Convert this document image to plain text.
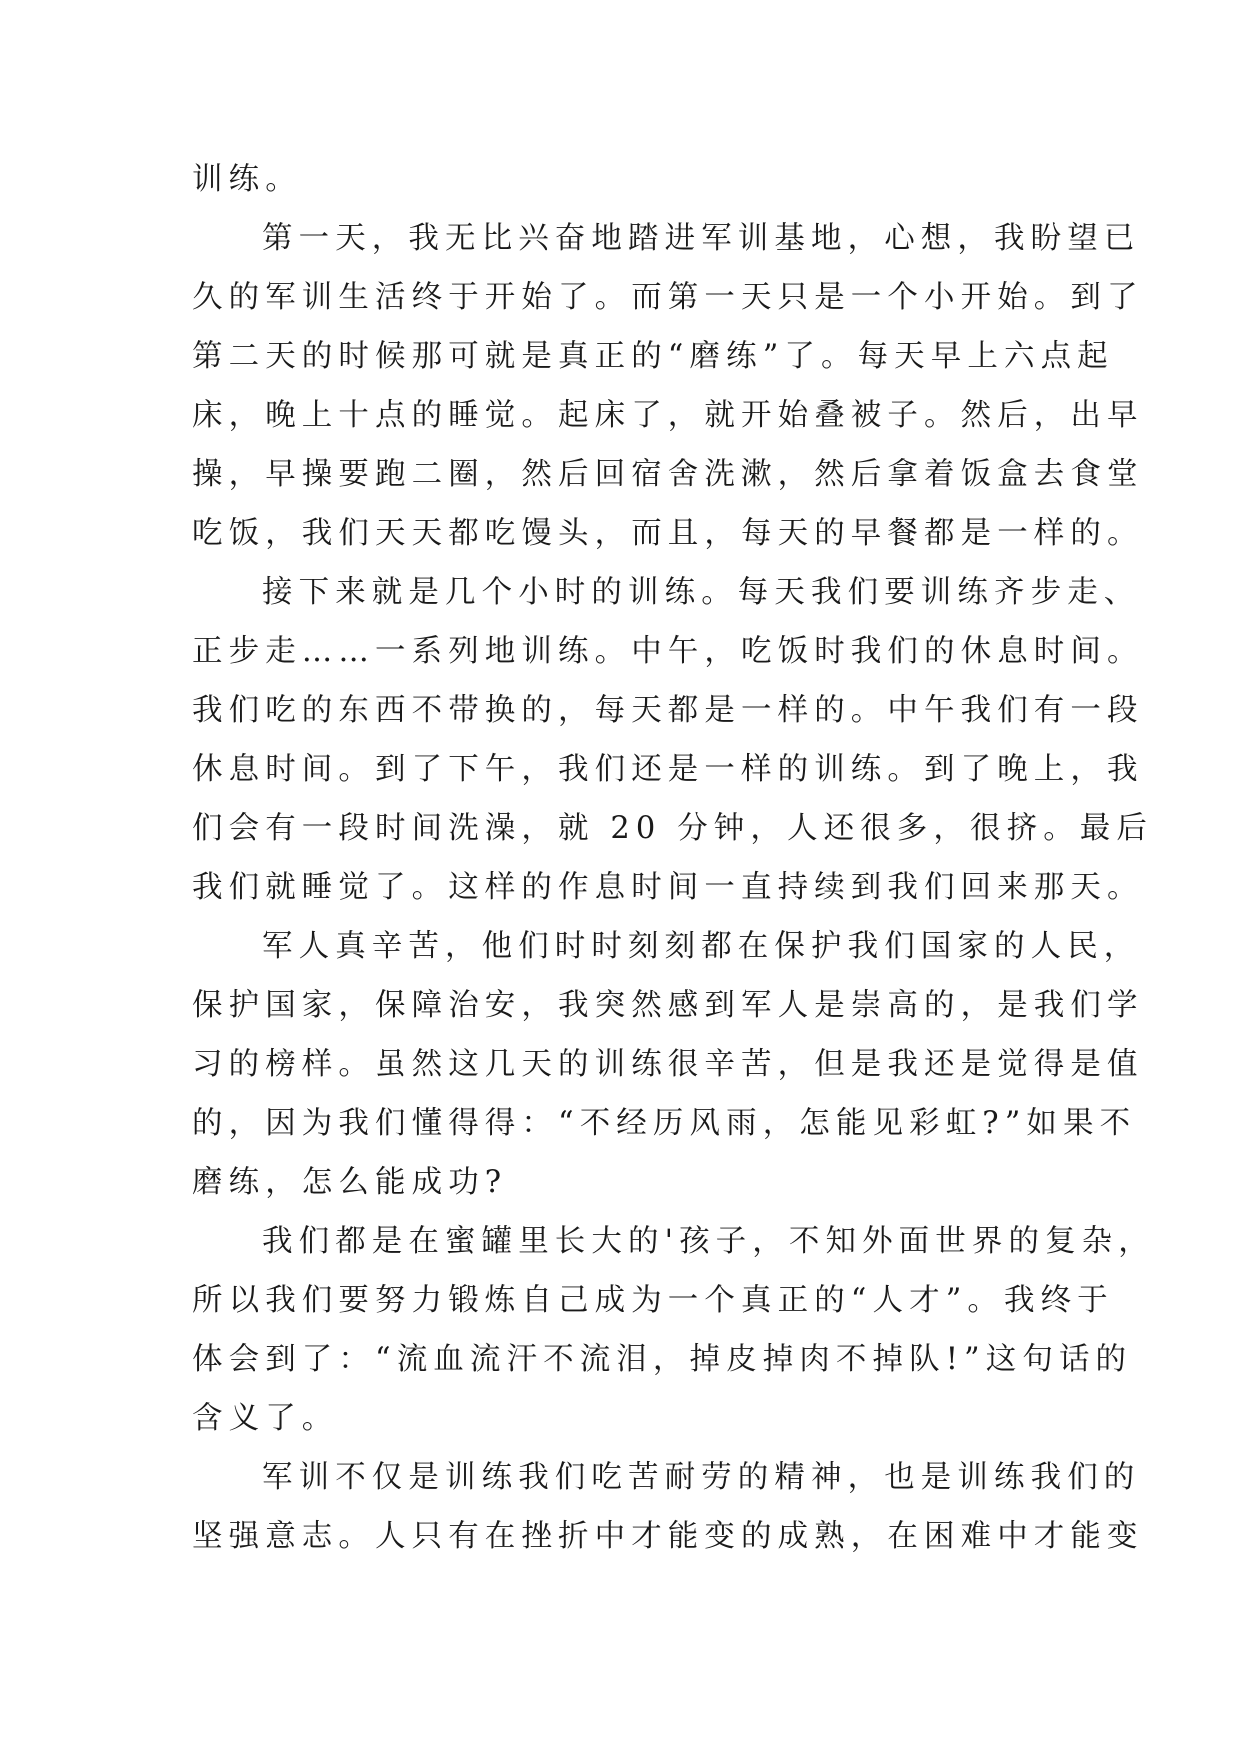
训练。
第一天，我无比兴奋地踏进军训基地，心想，我盼望已
久的军训生活终于开始了。而第一天只是一个小开始。到了
第二天的时候那可就是真正的“磨练”了。每天早上六点起
床，晚上十点的睡觉。起床了，就开始叠被子。然后，出早
操，早操要跑二圈，然后回宿舍洗漱，然后拿着饭盒去食堂
吃饭，我们天天都吃馒头，而且，每天的早餐都是一样的。
接下来就是几个小时的训练。每天我们要训练齐步走、
正步走……一系列地训练。中午，吃饭时我们的休息时间。
我们吃的东西不带换的，每天都是一样的。中午我们有一段
休息时间。到了下午，我们还是一样的训练。到了晚上，我
们会有一段时间洗澡，就 20 分钟，人还很多，很挤。最后
我们就睡觉了。这样的作息时间一直持续到我们回来那天。
军人真辛苦，他们时时刻刻都在保护我们国家的人民，
保护国家，保障治安，我突然感到军人是崇高的，是我们学
习的榜样。虽然这几天的训练很辛苦，但是我还是觉得是值
的，因为我们懂得得：“不经历风雨，怎能见彩虹?”如果不
磨练，怎么能成功?
我们都是在蜜罐里长大的'孩子，不知外面世界的复杂，
所以我们要努力锻炼自己成为一个真正的“人才”。我终于
体会到了：“流血流汗不流泪，掉皮掉肉不掉队!”这句话的
含义了。
军训不仅是训练我们吃苦耐劳的精神，也是训练我们的
坚强意志。人只有在挫折中才能变的成熟，在困难中才能变
